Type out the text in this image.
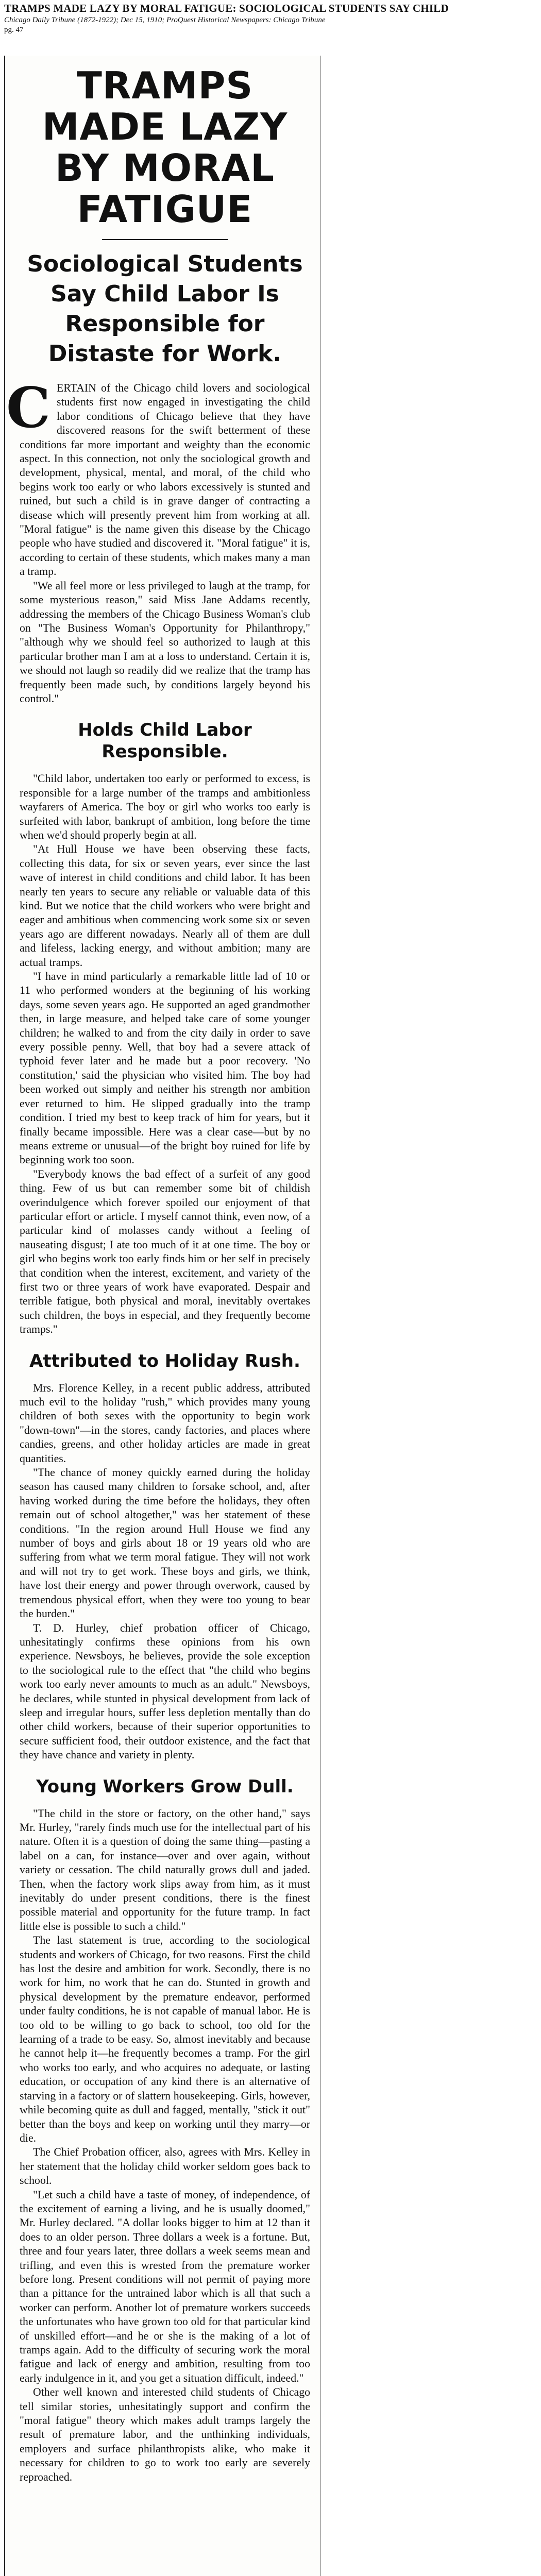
TRAMPS MADE LAZY BY MORAL FATIGUE: SOCIOLOGICAL STUDENTS SAY CHILD
Chicago Daily Tribune (1872-1922); Dec 15, 1910; ProQuest Historical Newspapers: Chicago Tribune
pg. 47
TRAMPS MADE LAZY
BY MORAL FATIGUE
Sociological Students Say Child Labor Is Responsible for Distaste for Work.

C ERTAIN of the Chicago child lovers and sociological students first now engaged in investigating the child labor conditions of Chicago believe that they have discovered reasons for the swift betterment of these conditions far more important and weighty than the economic aspect. In this connection, not only the sociological growth and development, physical, mental, and moral, of the child who begins work too early or who labors excessively is stunted and ruined, but such a child is in grave danger of contracting a disease which will presently prevent him from working at all. "Moral fatigue" is the name given this disease by the Chicago people who have studied and discovered it. "Moral fatigue" it is, according to certain of these students, which makes many a man a tramp.

"We all feel more or less privileged to laugh at the tramp, for some mysterious reason," said Miss Jane Addams recently, addressing the members of the Chicago Business Woman's club on "The Business Woman's Opportunity for Philanthropy," "although why we should feel so authorized to laugh at this particular brother man I am at a loss to understand. Certain it is, we should not laugh so readily did we realize that the tramp has frequently been made such, by conditions largely beyond his control."

Holds Child Labor Responsible.

"Child labor, undertaken too early or performed to excess, is responsible for a large number of the tramps and ambitionless wayfarers of America. The boy or girl who works too early is surfeited with labor, bankrupt of ambition, long before the time when we'd should properly begin at all.

"At Hull House we have been observing these facts, collecting this data, for six or seven years, ever since the last wave of interest in child conditions and child labor. It has been nearly ten years to secure any reliable or valuable data of this kind. But we notice that the child workers who were bright and eager and ambitious when commencing work some six or seven years ago are different nowadays. Nearly all of them are dull and lifeless, lacking energy, and without ambition; many are actual tramps.

"I have in mind particularly a remarkable little lad of 10 or 11 who performed wonders at the beginning of his working days, some seven years ago. He supported an aged grandmother then, in large measure, and helped take care of some younger children; he walked to and from the city daily in order to save every possible penny. Well, that boy had a severe attack of typhoid fever later and he made but a poor recovery. 'No constitution,' said the physician who visited him. The boy had been worked out simply and neither his strength nor ambition ever returned to him. He slipped gradually into the tramp condition. I tried my best to keep track of him for years, but it finally became impossible. Here was a clear case—but by no means extreme or unusual—of the bright boy ruined for life by beginning work too soon.

"Everybody knows the bad effect of a surfeit of any good thing. Few of us but can remember some bit of childish overindulgence which forever spoiled our enjoyment of that particular effort or article. I myself cannot think, even now, of a particular kind of molasses candy without a feeling of nauseating disgust; I ate too much of it at one time. The boy or girl who begins work too early finds him or her self in precisely that condition when the interest, excitement, and variety of the first two or three years of work have evaporated. Despair and terrible fatigue, both physical and moral, inevitably overtakes such children, the boys in especial, and they frequently become tramps."

Attributed to Holiday Rush.

Mrs. Florence Kelley, in a recent public address, attributed much evil to the holiday "rush," which provides many young children of both sexes with the opportunity to begin work "down-town"—in the stores, candy factories, and places where candies, greens, and other holiday articles are made in great quantities.

"The chance of money quickly earned during the holiday season has caused many children to forsake school, and, after having worked during the time before the holidays, they often remain out of school altogether," was her statement of these conditions. "In the region around Hull House we find any number of boys and girls about 18 or 19 years old who are suffering from what we term moral fatigue. They will not work and will not try to get work. These boys and girls, we think, have lost their energy and power through overwork, caused by tremendous physical effort, when they were too young to bear the burden."

T. D. Hurley, chief probation officer of Chicago, unhesitatingly confirms these opinions from his own experience. Newsboys, he believes, provide the sole exception to the sociological rule to the effect that "the child who begins work too early never amounts to much as an adult." Newsboys, he declares, while stunted in physical development from lack of sleep and irregular hours, suffer less depletion mentally than do other child workers, because of their superior opportunities to secure sufficient food, their outdoor existence, and the fact that they have chance and variety in plenty.

Young Workers Grow Dull.

"The child in the store or factory, on the other hand," says Mr. Hurley, "rarely finds much use for the intellectual part of his nature. Often it is a question of doing the same thing—pasting a label on a can, for instance—over and over again, without variety or cessation. The child naturally grows dull and jaded. Then, when the factory work slips away from him, as it must inevitably do under present conditions, there is the finest possible material and opportunity for the future tramp. In fact little else is possible to such a child."

The last statement is true, according to the sociological students and workers of Chicago, for two reasons. First the child has lost the desire and ambition for work. Secondly, there is no work for him, no work that he can do. Stunted in growth and physical development by the premature endeavor, performed under faulty conditions, he is not capable of manual labor. He is too old to be willing to go back to school, too old for the learning of a trade to be easy. So, almost inevitably and because he cannot help it—he frequently becomes a tramp. For the girl who works too early, and who acquires no adequate, or lasting education, or occupation of any kind there is an alternative of starving in a factory or of slattern housekeeping. Girls, however, while becoming quite as dull and fagged, mentally, "stick it out" better than the boys and keep on working until they marry—or die.

The Chief Probation officer, also, agrees with Mrs. Kelley in her statement that the holiday child worker seldom goes back to school.

"Let such a child have a taste of money, of independence, of the excitement of earning a living, and he is usually doomed," Mr. Hurley declared. "A dollar looks bigger to him at 12 than it does to an older person. Three dollars a week is a fortune. But, three and four years later, three dollars a week seems mean and trifling, and even this is wrested from the premature worker before long. Present conditions will not permit of paying more than a pittance for the untrained labor which is all that such a worker can perform. Another lot of premature workers succeeds the unfortunates who have grown too old for that particular kind of unskilled effort—and he or she is the making of a lot of tramps again. Add to the difficulty of securing work the moral fatigue and lack of energy and ambition, resulting from too early indulgence in it, and you get a situation difficult, indeed."

Other well known and interested child students of Chicago tell similar stories, unhesitatingly support and confirm the "moral fatigue" theory which makes adult tramps largely the result of premature labor, and the unthinking individuals, employers and surface philanthropists alike, who make it necessary for children to go to work too early are severely reproached.
